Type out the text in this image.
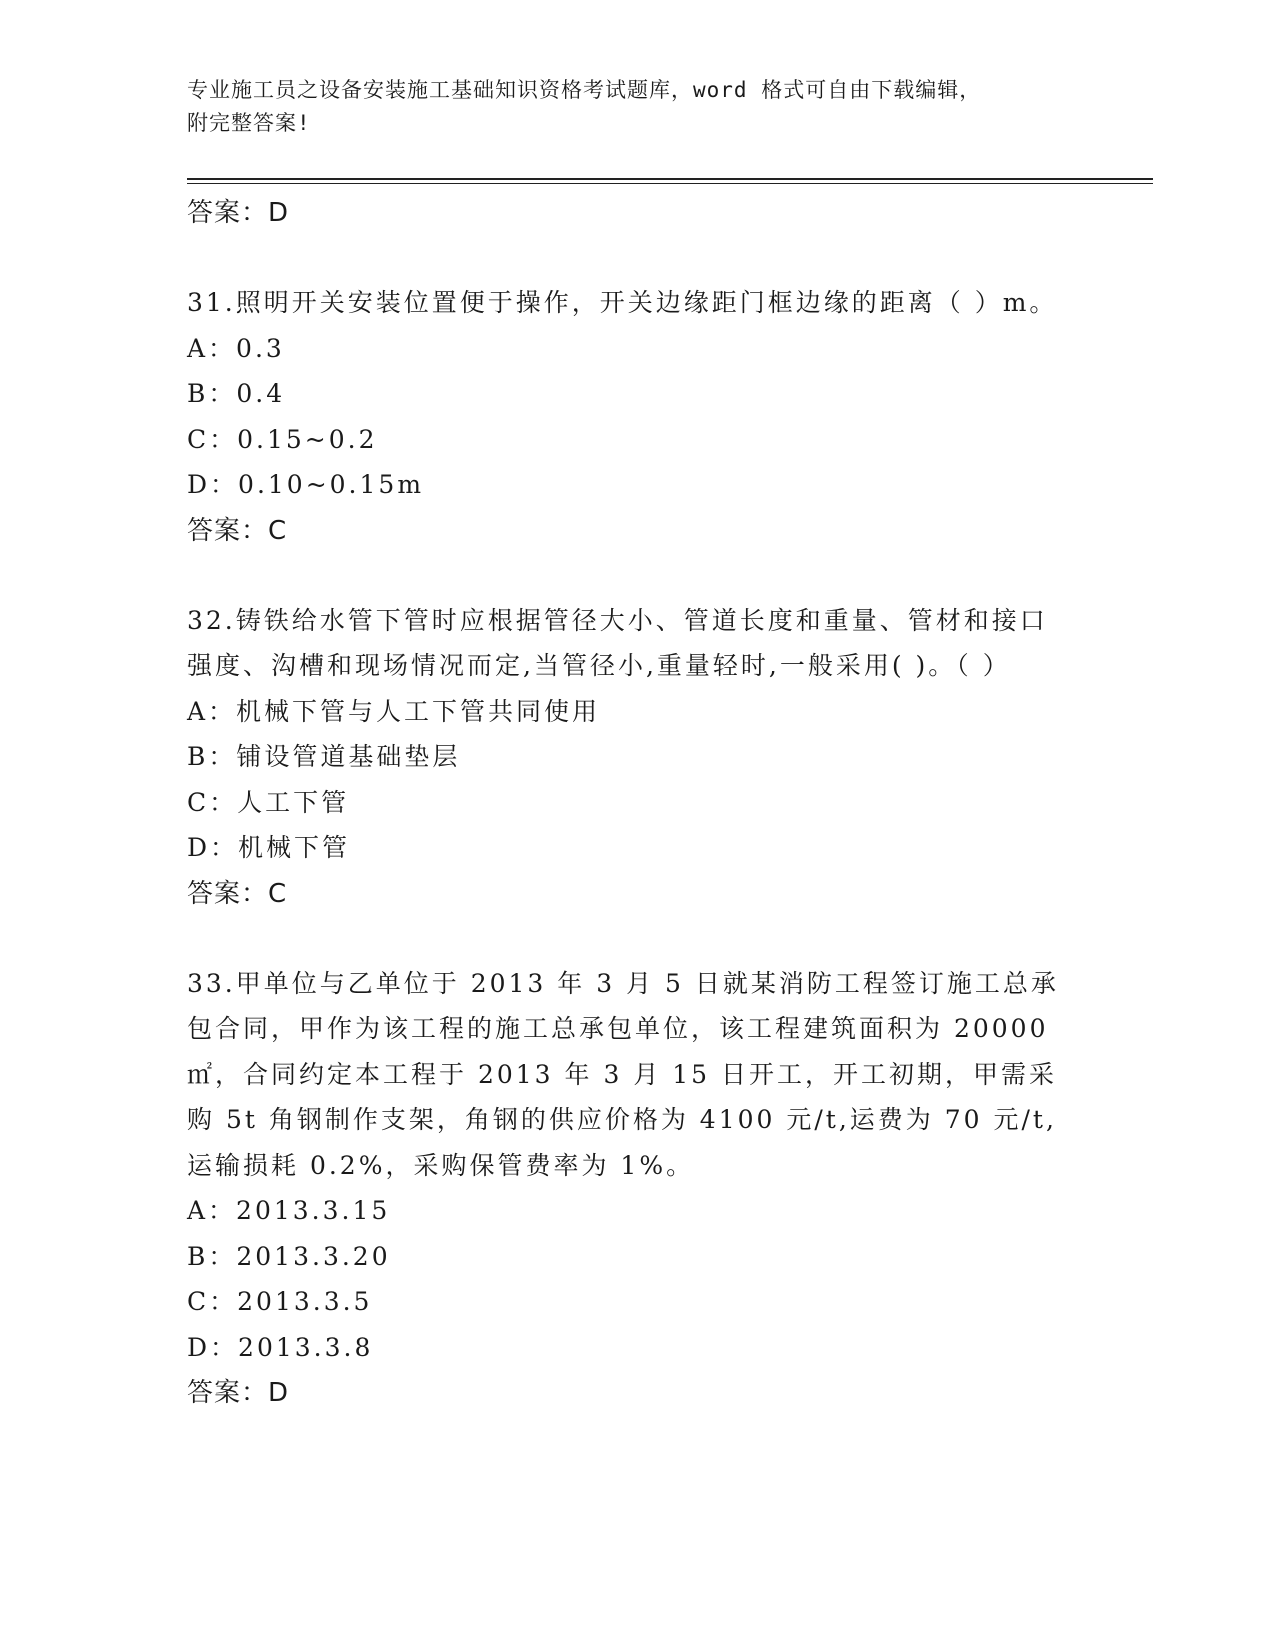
专业施工员之设备安装施工基础知识资格考试题库，word 格式可自由下载编辑，
附完整答案!
答案：D
31.照明开关安装位置便于操作，开关边缘距门框边缘的距离（ ）m。
A：0.3
B：0.4
C：0.15~0.2
D：0.10~0.15m
答案：C
32.铸铁给水管下管时应根据管径大小、管道长度和重量、管材和接口强度、沟槽和现场情况而定,当管径小,重量轻时,一般采用( )。（ ）
A：机械下管与人工下管共同使用
B：铺设管道基础垫层
C：人工下管
D：机械下管
答案：C
33.甲单位与乙单位于 2013 年 3 月 5 日就某消防工程签订施工总承包合同，甲作为该工程的施工总承包单位，该工程建筑面积为 20000㎡，合同约定本工程于 2013 年 3 月 15 日开工，开工初期，甲需采购 5t 角钢制作支架，角钢的供应价格为 4100 元/t,运费为 70 元/t,运输损耗 0.2%，采购保管费率为 1%。
A：2013.3.15
B：2013.3.20
C：2013.3.5
D：2013.3.8
答案：D
